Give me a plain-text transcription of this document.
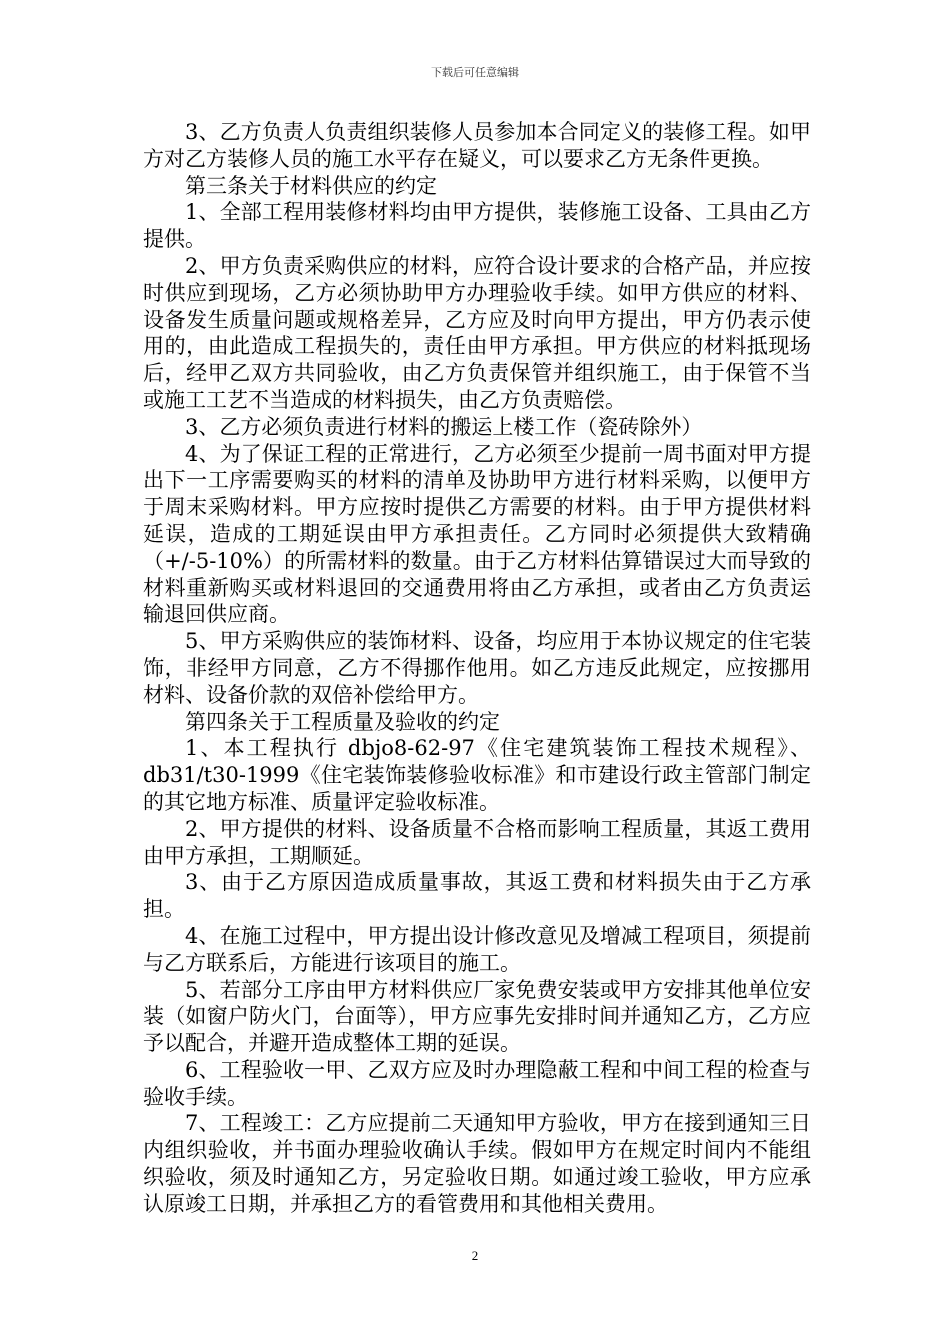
下载后可任意编辑

3、乙方负责人负责组织装修人员参加本合同定义的装修工程。如甲方对乙方装修人员的施工水平存在疑义，可以要求乙方无条件更换。

第三条关于材料供应的约定

1、全部工程用装修材料均由甲方提供，装修施工设备、工具由乙方提供。

2、甲方负责采购供应的材料，应符合设计要求的合格产品，并应按时供应到现场，乙方必须协助甲方办理验收手续。如甲方供应的材料、设备发生质量问题或规格差异，乙方应及时向甲方提出，甲方仍表示使用的，由此造成工程损失的，责任由甲方承担。甲方供应的材料抵现场后，经甲乙双方共同验收，由乙方负责保管并组织施工，由于保管不当或施工工艺不当造成的材料损失，由乙方负责赔偿。

3、乙方必须负责进行材料的搬运上楼工作（瓷砖除外）

4、为了保证工程的正常进行，乙方必须至少提前一周书面对甲方提出下一工序需要购买的材料的清单及协助甲方进行材料采购，以便甲方于周末采购材料。甲方应按时提供乙方需要的材料。由于甲方提供材料延误，造成的工期延误由甲方承担责任。乙方同时必须提供大致精确（+/-5-10%）的所需材料的数量。由于乙方材料估算错误过大而导致的材料重新购买或材料退回的交通费用将由乙方承担，或者由乙方负责运输退回供应商。

5、甲方采购供应的装饰材料、设备，均应用于本协议规定的住宅装饰，非经甲方同意，乙方不得挪作他用。如乙方违反此规定，应按挪用材料、设备价款的双倍补偿给甲方。

第四条关于工程质量及验收的约定

1、本工程执行 dbjo8-62-97《住宅建筑装饰工程技术规程》、db31/t30-1999《住宅装饰装修验收标准》和市建设行政主管部门制定的其它地方标准、质量评定验收标准。

2、甲方提供的材料、设备质量不合格而影响工程质量，其返工费用由甲方承担，工期顺延。

3、由于乙方原因造成质量事故，其返工费和材料损失由于乙方承担。

4、在施工过程中，甲方提出设计修改意见及增减工程项目，须提前与乙方联系后，方能进行该项目的施工。

5、若部分工序由甲方材料供应厂家免费安装或甲方安排其他单位安装（如窗户防火门，台面等），甲方应事先安排时间并通知乙方，乙方应予以配合，并避开造成整体工期的延误。

6、工程验收一甲、乙双方应及时办理隐蔽工程和中间工程的检查与验收手续。

7、工程竣工：乙方应提前二天通知甲方验收，甲方在接到通知三日内组织验收，并书面办理验收确认手续。假如甲方在规定时间内不能组织验收，须及时通知乙方，另定验收日期。如通过竣工验收，甲方应承认原竣工日期，并承担乙方的看管费用和其他相关费用。

2
